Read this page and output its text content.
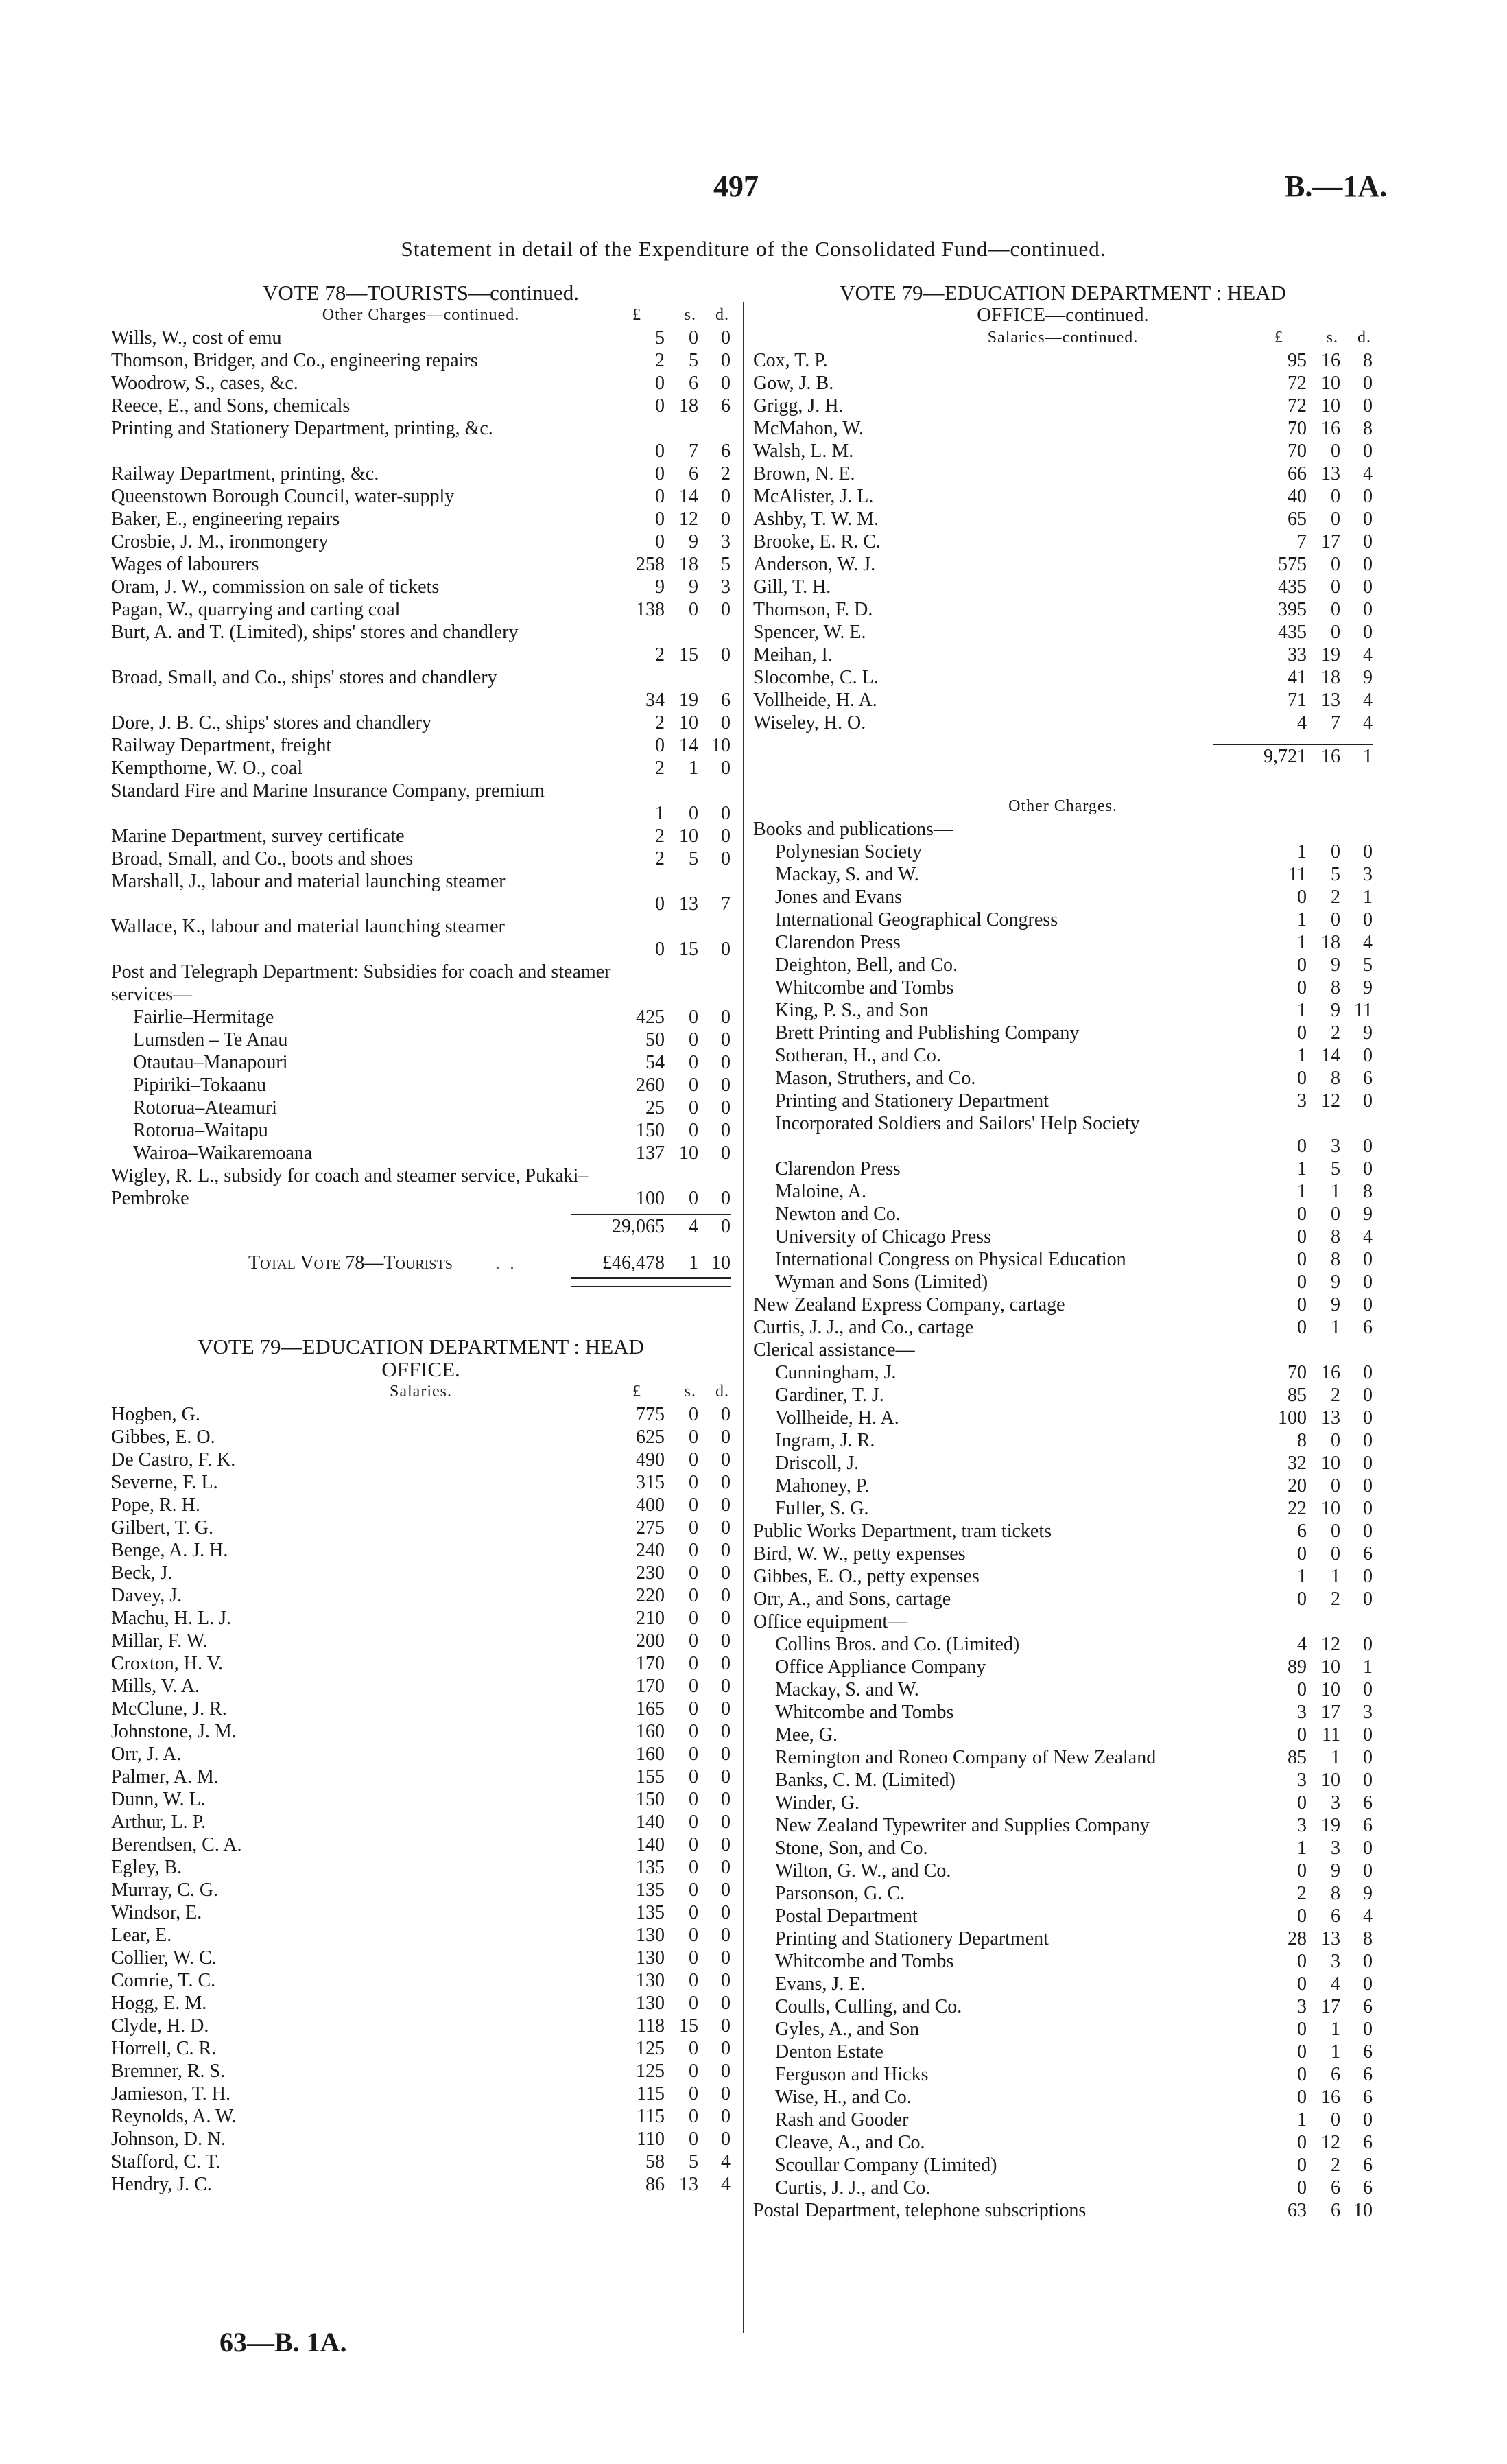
497	B.—1A.
Statement in detail of the Expenditure of the Consolidated Fund—continued.
VOTE 78—TOURISTS—continued.
Other Charges—continued.	£	s.	d.
Wills, W., cost of emu	5	0	0
Thomson, Bridger, and Co., engineering repairs	2	5	0
Woodrow, S., cases, &c.	0	6	0
Reece, E., and Sons, chemicals	0 18	6
Printing and Stationery Department, printing, &c.
0	7	6
Railway Department, printing, &c.	0	6	2
Queenstown Borough Council, water-supply	0 14	0
Baker, E., engineering repairs	0 12	0
Crosbie, J. M., ironmongery	0	9	3
Wages of labourers	258 18	5
Oram, J. W., commission on sale of tickets	9	9	3
Pagan, W., quarrying and carting coal	138	0	0
Burt, A. and T. (Limited), ships' stores and chandlery
2 15	0
Broad, Small, and Co., ships' stores and chandlery
34 19	6
Dore, J. B. C., ships' stores and chandlery	2 10	0
Railway Department, freight	0 14 10
Kempthorne, W. O., coal	2	1	0
Standard Fire and Marine Insurance Company, premium
1	0	0
Marine Department, survey certificate	2 10	0
Broad, Small, and Co., boots and shoes	2	5	0
Marshall, J., labour and material launching steamer
0 13	7
Wallace, K., labour and material launching steamer
0 15	0
Post and Telegraph Department: Subsidies for coach and steamer services—
Fairlie–Hermitage	425	0	0
Lumsden – Te Anau	50	0	0
Otautau–Manapouri	54	0	0
Pipiriki–Tokaanu	260	0	0
Rotorua–Ateamuri	25	0	0
Rotorua–Waitapu	150	0	0
Wairoa–Waikaremoana	137 10	0
Wigley, R. L., subsidy for coach and steamer service, Pukaki–Pembroke	100	0	0
29,065	4	0
Total Vote 78—Tourists ..	£46,478	1 10
VOTE 79—EDUCATION DEPARTMENT : HEAD
OFFICE.
Salaries.	£	s.	d.
Hogben, G.	775	0	0
Gibbes, E. O.	625	0	0
De Castro, F. K.	490	0	0
Severne, F. L.	315	0	0
Pope, R. H.	400	0	0
Gilbert, T. G.	275	0	0
Benge, A. J. H.	240	0	0
Beck, J.	230	0	0
Davey, J.	220	0	0
Machu, H. L. J.	210	0	0
Millar, F. W.	200	0	0
Croxton, H. V.	170	0	0
Mills, V. A.	170	0	0
McClune, J. R.	165	0	0
Johnstone, J. M.	160	0	0
Orr, J. A.	160	0	0
Palmer, A. M.	155	0	0
Dunn, W. L.	150	0	0
Arthur, L. P.	140	0	0
Berendsen, C. A.	140	0	0
Egley, B.	135	0	0
Murray, C. G.	135	0	0
Windsor, E.	135	0	0
Lear, E.	130	0	0
Collier, W. C.	130	0	0
Comrie, T. C.	130	0	0
Hogg, E. M.	130	0	0
Clyde, H. D.	118 15	0
Horrell, C. R.	125	0	0
Bremner, R. S.	125	0	0
Jamieson, T. H.	115	0	0
Reynolds, A. W.	115	0	0
Johnson, D. N.	110	0	0
Stafford, C. T.	58	5	4
Hendry, J. C.	86 13	4
VOTE 79—EDUCATION DEPARTMENT : HEAD
OFFICE—continued.
Salaries—continued.	£	s.	d.
Cox, T. P.	95 16	8
Gow, J. B.	72 10	0
Grigg, J. H.	72 10	0
McMahon, W.	70 16	8
Walsh, L. M.	70	0	0
Brown, N. E.	66 13	4
McAlister, J. L.	40	0	0
Ashby, T. W. M.	65	0	0
Brooke, E. R. C.	7 17	0
Anderson, W. J.	575	0	0
Gill, T. H.	435	0	0
Thomson, F. D.	395	0	0
Spencer, W. E.	435	0	0
Meihan, I.	33 19	4
Slocombe, C. L.	41 18	9
Vollheide, H. A.	71 13	4
Wiseley, H. O.	4	7	4
9,721 16	1
Other Charges.
Books and publications—
Polynesian Society	1	0	0
Mackay, S. and W.	11	5	3
Jones and Evans	0	2	1
International Geographical Congress	1	0	0
Clarendon Press	1 18	4
Deighton, Bell, and Co.	0	9	5
Whitcombe and Tombs	0	8	9
King, P. S., and Son	1	9 11
Brett Printing and Publishing Company	0	2	9
Sotheran, H., and Co.	1 14	0
Mason, Struthers, and Co.	0	8	6
Printing and Stationery Department	3 12	0
Incorporated Soldiers and Sailors' Help Society
0	3	0
Clarendon Press	1	5	0
Maloine, A.	1	1	8
Newton and Co.	0	0	9
University of Chicago Press	0	8	4
International Congress on Physical Education	0	8	0
Wyman and Sons (Limited)	0	9	0
New Zealand Express Company, cartage	0	9	0
Curtis, J. J., and Co., cartage	0	1	6
Clerical assistance—
Cunningham, J.	70 16	0
Gardiner, T. J.	85	2	0
Vollheide, H. A.	100 13	0
Ingram, J. R.	8	0	0
Driscoll, J.	32 10	0
Mahoney, P.	20	0	0
Fuller, S. G.	22 10	0
Public Works Department, tram tickets	6	0	0
Bird, W. W., petty expenses	0	0	6
Gibbes, E. O., petty expenses	1	1	0
Orr, A., and Sons, cartage	0	2	0
Office equipment—
Collins Bros. and Co. (Limited)	4 12	0
Office Appliance Company	89 10	1
Mackay, S. and W.	0 10	0
Whitcombe and Tombs	3 17	3
Mee, G.	0 11	0
Remington and Roneo Company of New Zealand	85	1	0
Banks, C. M. (Limited)	3 10	0
Winder, G.	0	3	6
New Zealand Typewriter and Supplies Company	3 19	6
Stone, Son, and Co.	1	3	0
Wilton, G. W., and Co.	0	9	0
Parsonson, G. C.	2	8	9
Postal Department	0	6	4
Printing and Stationery Department	28 13	8
Whitcombe and Tombs	0	3	0
Evans, J. E.	0	4	0
Coulls, Culling, and Co.	3 17	6
Gyles, A., and Son	0	1	0
Denton Estate	0	1	6
Ferguson and Hicks	0	6	6
Wise, H., and Co.	0 16	6
Rash and Gooder	1	0	0
Cleave, A., and Co.	0 12	6
Scoullar Company (Limited)	0	2	6
Curtis, J. J., and Co.	0	6	6
Postal Department, telephone subscriptions	63	6 10
63—B. 1A.
